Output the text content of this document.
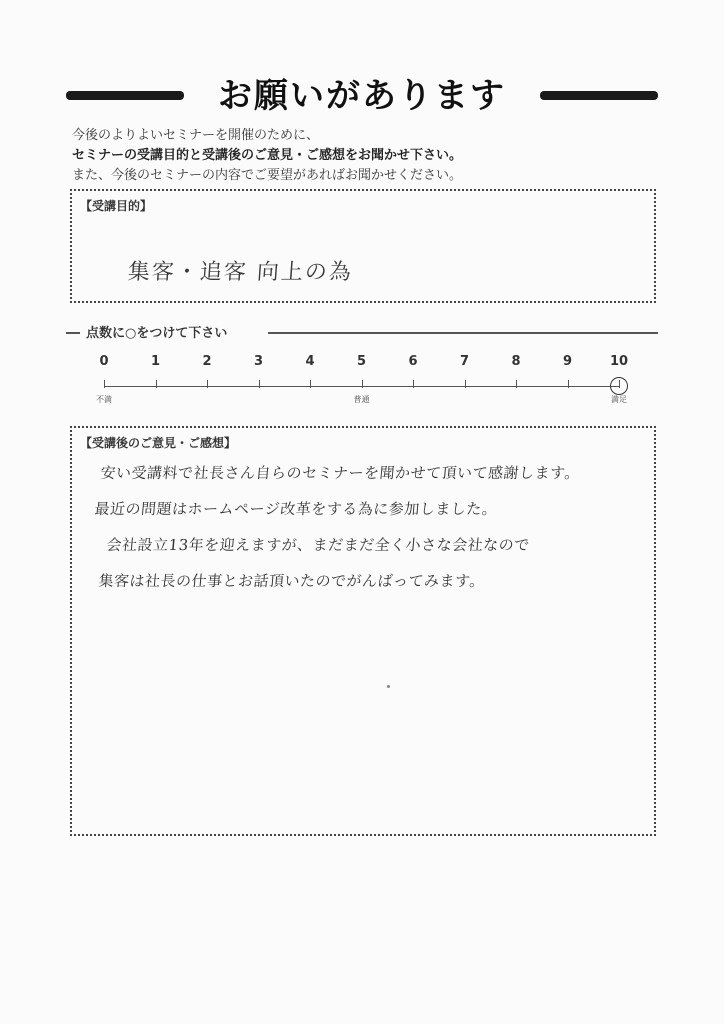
お願いがあります
今後のよりよいセミナーを開催のために、
セミナーの受講目的と受講後のご意見・ご感想をお聞かせ下さい。
また、今後のセミナーの内容でご要望があればお聞かせください。
【受講目的】
集客・追客 向上の為
点数に○をつけて下さい
0	1	2	3	4	5	6	7	8	9	10
不満	普通	満足
【受講後のご意見・ご感想】
安い受講料で社長さん自らのセミナーを聞かせて頂いて感謝します。
最近の問題はホームページ改革をする為に参加しました。
会社設立13年を迎えますが、まだまだ全く小さな会社なので
集客は社長の仕事とお話頂いたのでがんばってみます。
